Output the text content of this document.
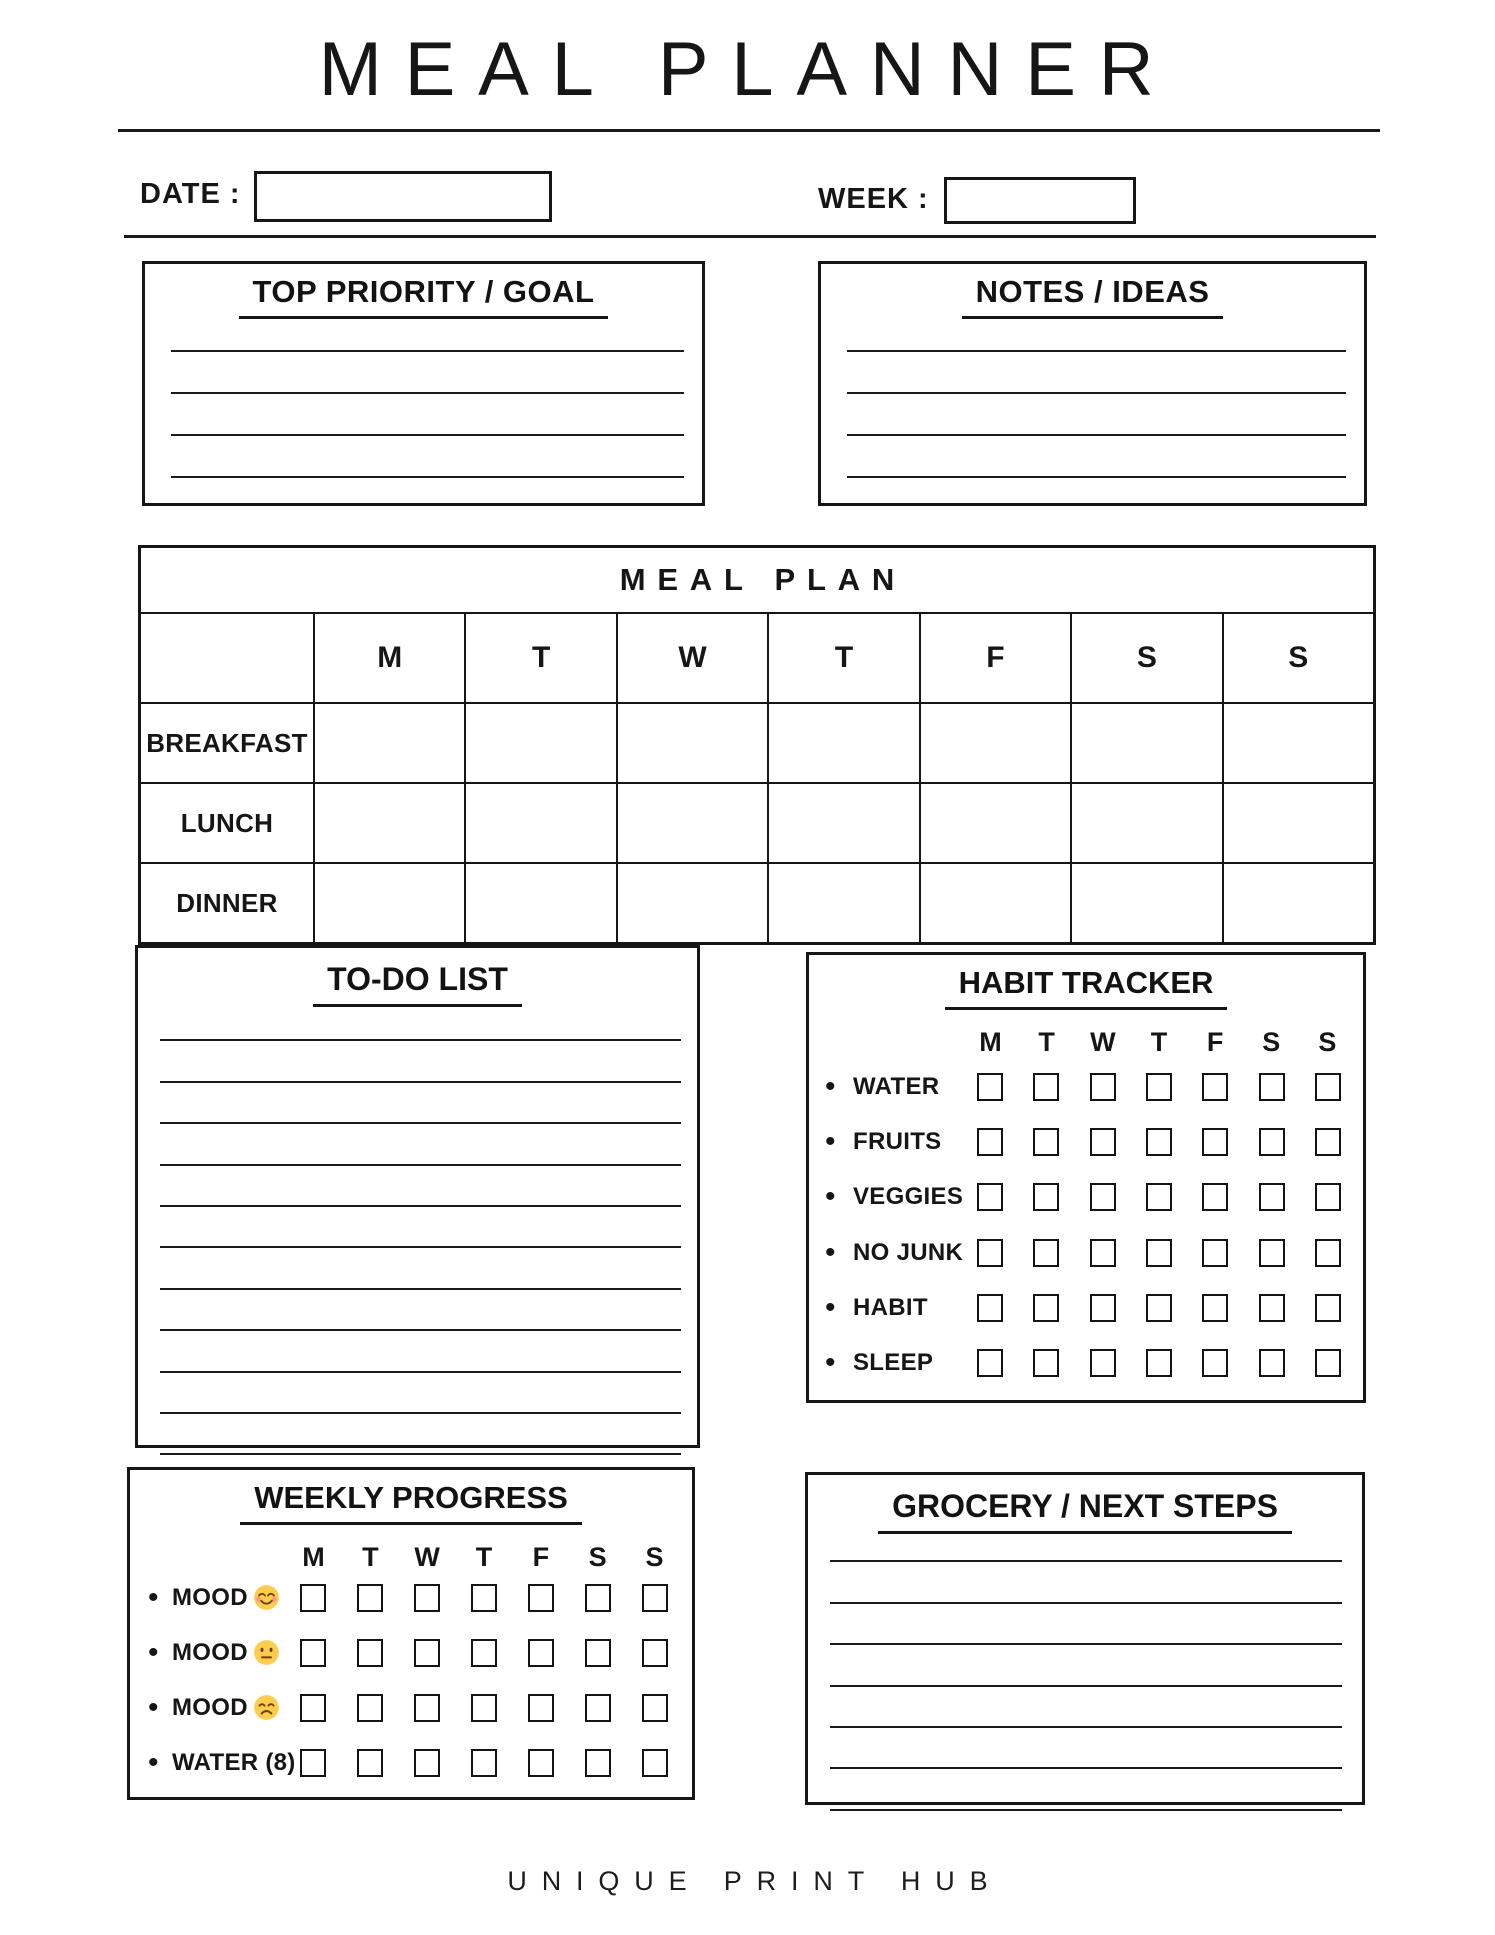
MEAL PLANNER
DATE :	WEEK :
TOP PRIORITY / GOAL	NOTES / IDEAS
MEAL PLAN
M	T	W	T	F	S	S
BREAKFAST
LUNCH
DINNER
TO-DO LIST	HABIT TRACKER
M T W T F S S
• WATER
• FRUITS
• VEGGIES
• NO JUNK
• HABIT
• SLEEP
WEEKLY PROGRESS
M T W T F S S
• MOOD
• MOOD
• MOOD
• WATER (8)
GROCERY / NEXT STEPS
UNIQUE PRINT HUB
